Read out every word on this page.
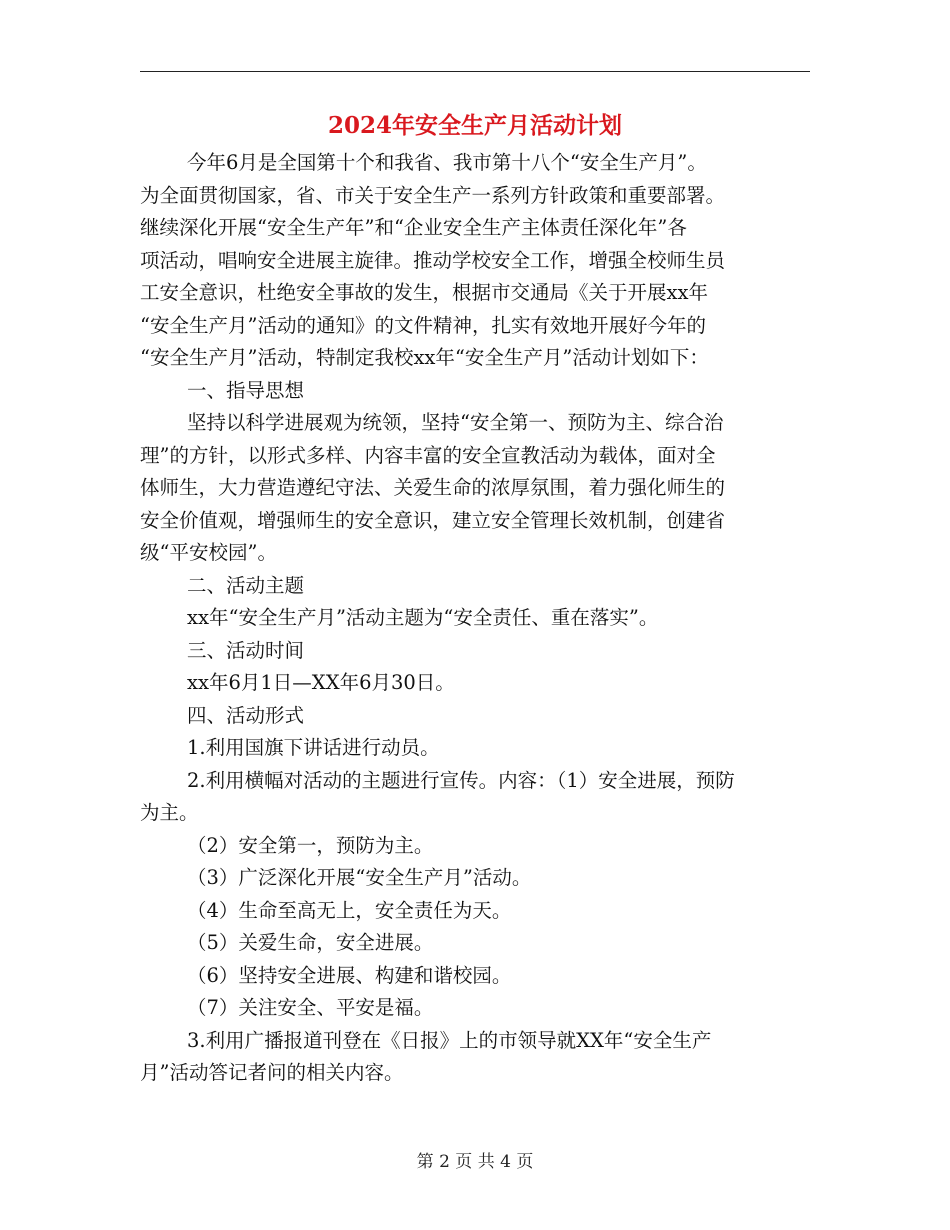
2024年安全生产月活动计划
今年6月是全国第十个和我省、我市第十八个“安全生产月”。
为全面贯彻国家，省、市关于安全生产一系列方针政策和重要部署。
继续深化开展“安全生产年”和“企业安全生产主体责任深化年”各
项活动，唱响安全进展主旋律。推动学校安全工作，增强全校师生员
工安全意识，杜绝安全事故的发生，根据市交通局《关于开展xx年
“安全生产月”活动的通知》的文件精神，扎实有效地开展好今年的
“安全生产月”活动，特制定我校xx年“安全生产月”活动计划如下：
一、指导思想
坚持以科学进展观为统领，坚持“安全第一、预防为主、综合治
理”的方针，以形式多样、内容丰富的安全宣教活动为载体，面对全
体师生，大力营造遵纪守法、关爱生命的浓厚氛围，着力强化师生的
安全价值观，增强师生的安全意识，建立安全管理长效机制，创建省
级“平安校园”。
二、活动主题
xx年“安全生产月”活动主题为“安全责任、重在落实”。
三、活动时间
xx年6月1日—XX年6月30日。
四、活动形式
1.利用国旗下讲话进行动员。
2.利用横幅对活动的主题进行宣传。内容：（1）安全进展，预防
为主。
（2）安全第一，预防为主。
（3）广泛深化开展“安全生产月”活动。
（4）生命至高无上，安全责任为天。
（5）关爱生命，安全进展。
（6）坚持安全进展、构建和谐校园。
（7）关注安全、平安是福。
3.利用广播报道刊登在《日报》上的市领导就XX年“安全生产
月”活动答记者问的相关内容。
第 2 页 共 4 页
